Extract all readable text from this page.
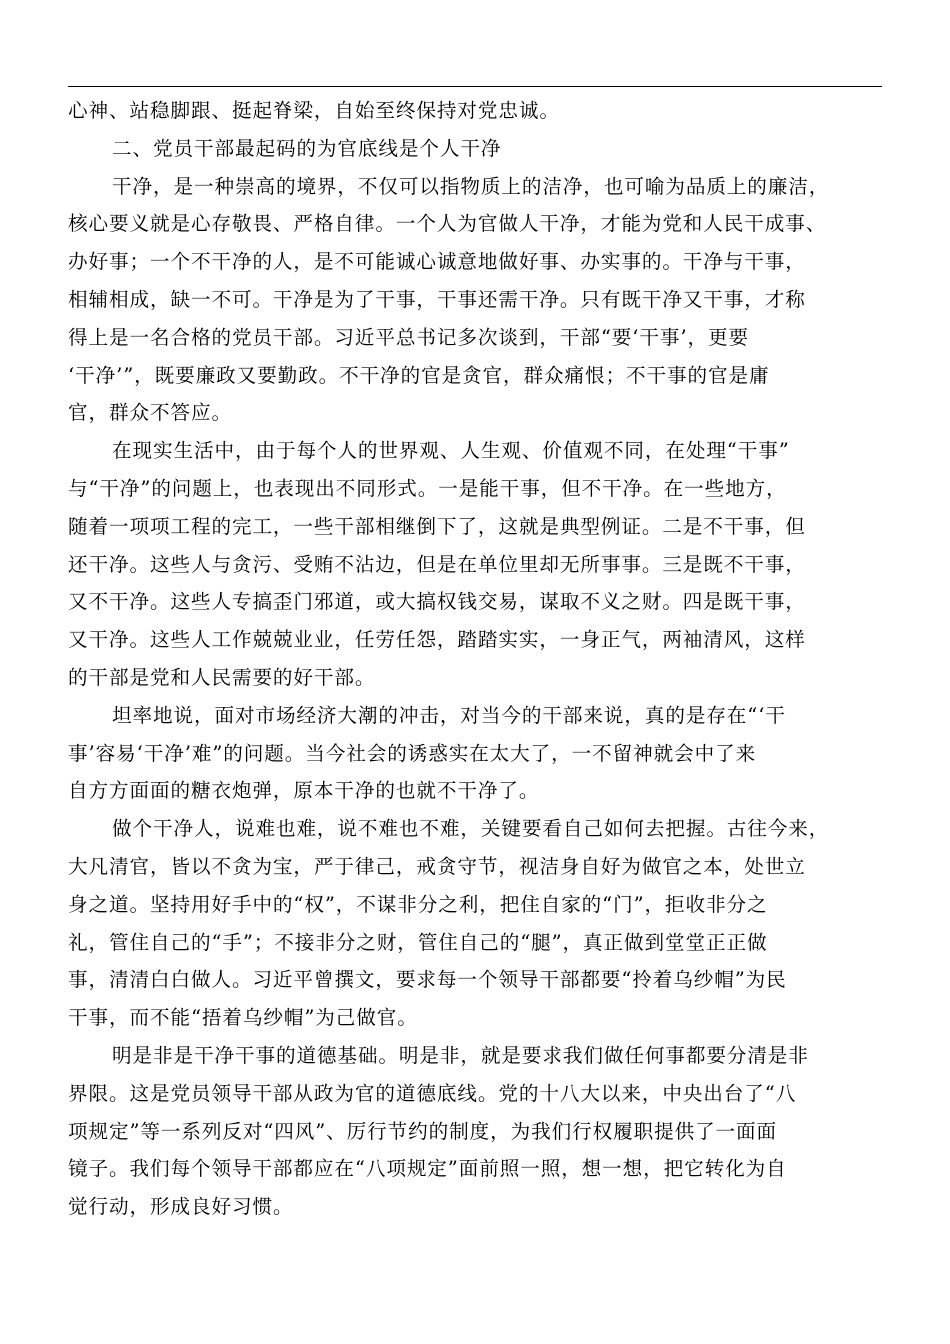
心神、站稳脚跟、挺起脊梁，自始至终保持对党忠诚。
二、党员干部最起码的为官底线是个人干净
干净，是一种崇高的境界，不仅可以指物质上的洁净，也可喻为品质上的廉洁，
核心要义就是心存敬畏、严格自律。一个人为官做人干净，才能为党和人民干成事、
办好事；一个不干净的人，是不可能诚心诚意地做好事、办实事的。干净与干事，
相辅相成，缺一不可。干净是为了干事，干事还需干净。只有既干净又干事，才称
得上是一名合格的党员干部。习近平总书记多次谈到，干部“要‘干事’，更要
‘干净’”，既要廉政又要勤政。不干净的官是贪官，群众痛恨；不干事的官是庸
官，群众不答应。
在现实生活中，由于每个人的世界观、人生观、价值观不同，在处理“干事”
与“干净”的问题上，也表现出不同形式。一是能干事，但不干净。在一些地方，
随着一项项工程的完工，一些干部相继倒下了，这就是典型例证。二是不干事，但
还干净。这些人与贪污、受贿不沾边，但是在单位里却无所事事。三是既不干事，
又不干净。这些人专搞歪门邪道，或大搞权钱交易，谋取不义之财。四是既干事，
又干净。这些人工作兢兢业业，任劳任怨，踏踏实实，一身正气，两袖清风，这样
的干部是党和人民需要的好干部。
坦率地说，面对市场经济大潮的冲击，对当今的干部来说，真的是存在“‘干
事’容易‘干净’难”的问题。当今社会的诱惑实在太大了，一不留神就会中了来
自方方面面的糖衣炮弹，原本干净的也就不干净了。
做个干净人，说难也难，说不难也不难，关键要看自己如何去把握。古往今来，
大凡清官，皆以不贪为宝，严于律己，戒贪守节，视洁身自好为做官之本，处世立
身之道。坚持用好手中的“权”，不谋非分之利，把住自家的“门”，拒收非分之
礼，管住自己的“手”；不接非分之财，管住自己的“腿”，真正做到堂堂正正做
事，清清白白做人。习近平曾撰文，要求每一个领导干部都要“拎着乌纱帽”为民
干事，而不能“捂着乌纱帽”为己做官。
明是非是干净干事的道德基础。明是非，就是要求我们做任何事都要分清是非
界限。这是党员领导干部从政为官的道德底线。党的十八大以来，中央出台了“八
项规定”等一系列反对“四风”、厉行节约的制度，为我们行权履职提供了一面面
镜子。我们每个领导干部都应在“八项规定”面前照一照，想一想，把它转化为自
觉行动，形成良好习惯。
